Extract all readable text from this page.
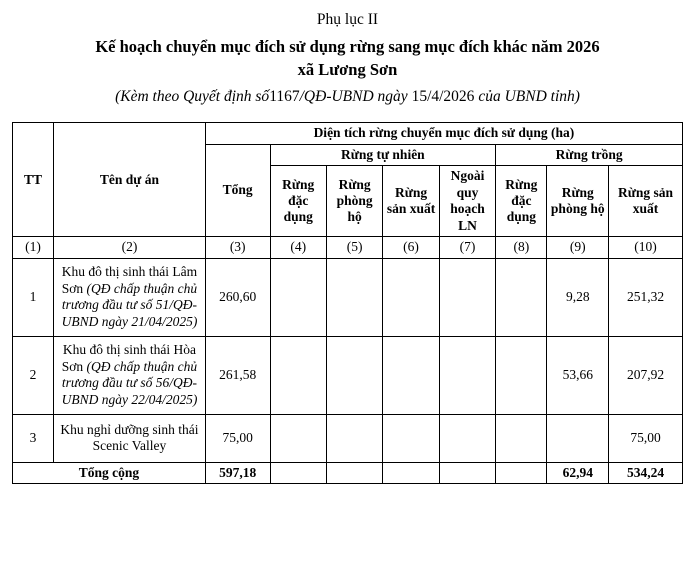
Phụ lục II
Kế hoạch chuyển mục đích sử dụng rừng sang mục đích khác năm 2026
xã Lương Sơn
(Kèm theo Quyết định số1167/QĐ-UBND ngày 15/4/2026 của UBND tỉnh)
TT	Tên dự án	Diện tích rừng chuyển mục đích sử dụng (ha)							
		Tổng	Rừng tự nhiên				Rừng trồng		
			Rừng đặc dụng	Rừng phòng hộ	Rừng sản xuất	Ngoài quy hoạch LN	Rừng đặc dụng	Rừng phòng hộ	Rừng sản xuất

(1)	(2)	(3)	(4)	(5)	(6)	(7)	(8)	(9)	(10)
1	Khu đô thị sinh thái Lâm Sơn (QĐ chấp thuận chủ trương đầu tư số 51/QĐ-UBND ngày 21/04/2025)	260,60						9,28	251,32
2	Khu đô thị sinh thái Hòa Sơn (QĐ chấp thuận chủ trương đầu tư số 56/QĐ-UBND ngày 22/04/2025)	261,58						53,66	207,92
3	Khu nghỉ dưỡng sinh thái Scenic Valley	75,00							75,00
Tổng cộng		597,18						62,94	534,24
